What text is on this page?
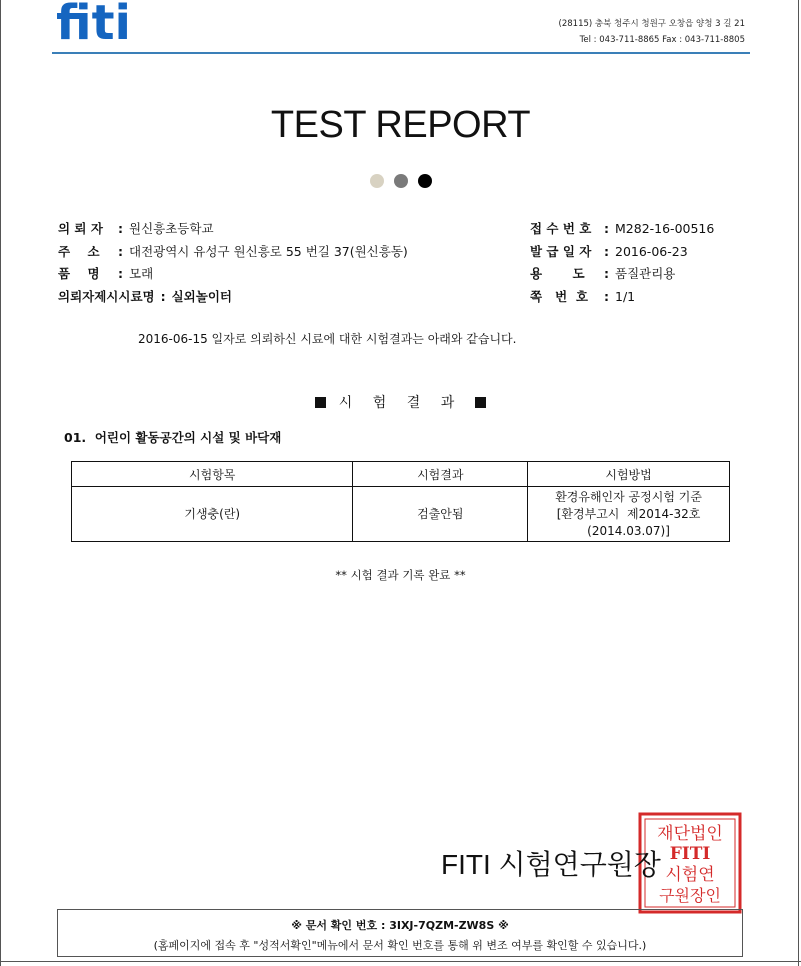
fiti	(28115) 충북 청주시 청원구 오창읍 양청 3 길 21
Tel : 043-711-8865 Fax : 043-711-8805
TEST REPORT
의 뢰 자	: 원신흥초등학교
주    소	: 대전광역시 유성구 원신흥로 55 번길 37(원신흥동)
품    명	: 모래
의뢰자제시시료명 : 실외놀이터
접 수 번 호	: M282-16-00516
발 급 일 자	: 2016-06-23
용       도	: 품질관리용
쪽   번  호	: 1/1
2016-06-15 일자로 의뢰하신 시료에 대한 시험결과는 아래와 같습니다.
시 험 결 과
01.  어린이 활동공간의 시설 및 바닥재
시험항목	시험결과	시험방법
기생충(란)	검출안됨	환경유해인자 공정시험 기준
[환경부고시  제2014-32호
(2014.03.07)]
** 시험 결과 기록 완료 **
재단법인
FITI
시험연
구원장인
FITI 시험연구원장
※ 문서 확인 번호 : 3IXJ-7QZM-ZW8S ※
(홈페이지에 접속 후 "성적서확인"메뉴에서 문서 확인 번호를 통해 위 변조 여부를 확인할 수 있습니다.)
